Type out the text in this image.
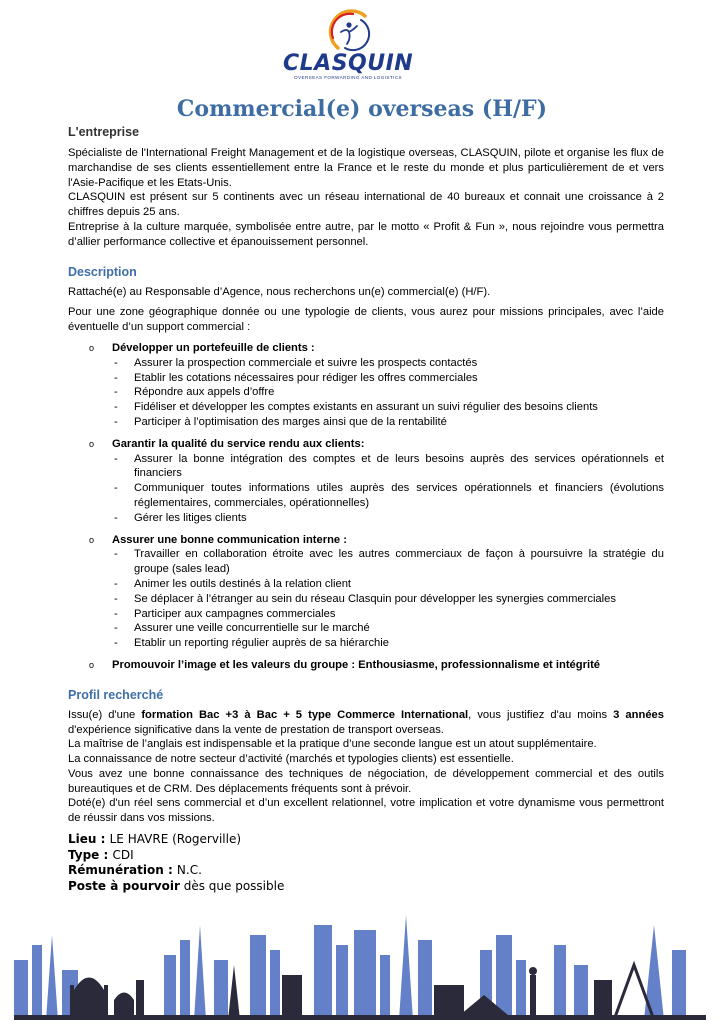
CLASQUIN
OVERSEAS FORWARDING AND LOGISTICS
Commercial(e) overseas (H/F)
L'entreprise

Spécialiste de l'International Freight Management et de la logistique overseas, CLASQUIN, pilote et organise les flux de marchandise de ses clients essentiellement entre la France et le reste du monde et plus particulièrement de et vers l'Asie-Pacifique et les Etats-Unis.

CLASQUIN est présent sur 5 continents avec un réseau international de 40 bureaux et connait une croissance à 2 chiffres depuis 25 ans.

Entreprise à la culture marquée, symbolisée entre autre, par le motto « Profit & Fun », nous rejoindre vous permettra d’allier performance collective et épanouissement personnel.

Description

Rattaché(e) au Responsable d’Agence, nous recherchons un(e) commercial(e) (H/F).

Pour une zone géographique donnée ou une typologie de clients, vous aurez pour missions principales, avec l’aide éventuelle d’un support commercial :

o Développer un portefeuille de clients :
- Assurer la prospection commerciale et suivre les prospects contactés
- Etablir les cotations nécessaires pour rédiger les offres commerciales
- Répondre aux appels d’offre
- Fidéliser et développer les comptes existants en assurant un suivi régulier des besoins clients
- Participer à l’optimisation des marges ainsi que de la rentabilité
o Garantir la qualité du service rendu aux clients:
- Assurer la bonne intégration des comptes et de leurs besoins auprès des services opérationnels et financiers
- Communiquer toutes informations utiles auprès des services opérationnels et financiers (évolutions réglementaires, commerciales, opérationnelles)
- Gérer les litiges clients
o Assurer une bonne communication interne :
- Travailler en collaboration étroite avec les autres commerciaux de façon à poursuivre la stratégie du groupe (sales lead)
- Animer les outils destinés à la relation client
- Se déplacer à l’étranger au sein du réseau Clasquin pour développer les synergies commerciales
- Participer aux campagnes commerciales
- Assurer une veille concurrentielle sur le marché
- Etablir un reporting régulier auprès de sa hiérarchie
o Promouvoir l’image et les valeurs du groupe : Enthousiasme, professionnalisme et intégrité
Profil recherché

Issu(e) d'une formation Bac +3 à Bac + 5 type Commerce International, vous justifiez d'au moins 3 années d'expérience significative dans la vente de prestation de transport overseas.

La maîtrise de l’anglais est indispensable et la pratique d’une seconde langue est un atout supplémentaire.

La connaissance de notre secteur d’activité (marchés et typologies clients) est essentielle.

Vous avez une bonne connaissance des techniques de négociation, de développement commercial et des outils bureautiques et de CRM. Des déplacements fréquents sont à prévoir.

Doté(e) d'un réel sens commercial et d’un excellent relationnel, votre implication et votre dynamisme vous permettront de réussir dans vos missions.

Lieu : LE HAVRE (Rogerville)
Type : CDI
Rémunération : N.C.
Poste à pourvoir dès que possible
